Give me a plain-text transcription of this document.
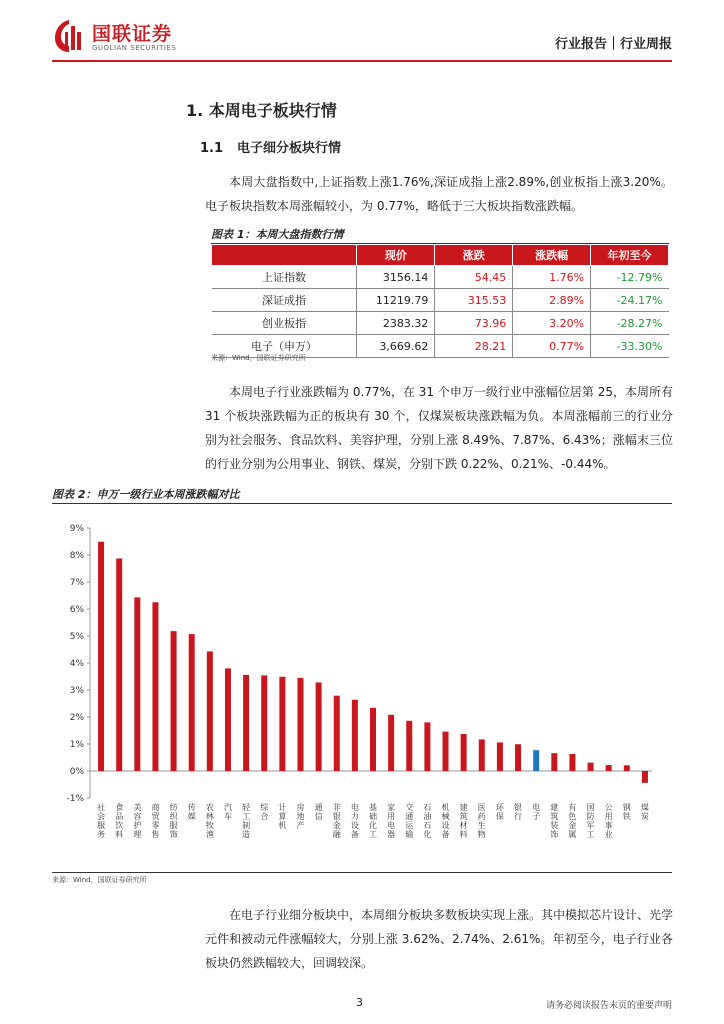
国联证券
GUOLIAN SECURITIES	行业报告｜行业周报
1. 本周电子板块行情
1.1 电子细分板块行情
本周大盘指数中,上证指数上涨1.76%,深证成指上涨2.89%,创业板指上涨3.20%。电子板块指数本周涨幅较小，为 0.77%，略低于三大板块指数涨跌幅。
图表 1：本周大盘指数行情
	现价	涨跌	涨跌幅	年初至今
上证指数	3156.14	54.45	1.76%	-12.79%
深证成指	11219.79	315.53	2.89%	-24.17%
创业板指	2383.32	73.96	3.20%	-28.27%
电子（申万）	3,669.62	28.21	0.77%	-33.30%
来源：Wind，国联证券研究所
本周电子行业涨跌幅为 0.77%，在 31 个申万一级行业中涨幅位居第 25，本周所有 31 个板块涨跌幅为正的板块有 30 个，仅煤炭板块涨跌幅为负。本周涨幅前三的行业分别为社会服务、食品饮料、美容护理，分别上涨 8.49%、7.87%、6.43%；涨幅末三位的行业分别为公用事业、钢铁、煤炭，分别下跌 0.22%、0.21%、-0.44%。
图表 2：申万一级行业本周涨跌幅对比
-1%
0%
1%
2%
3%
4%
5%
6%
7%
8%
9%
社会服务
食品饮料
美容护理
商贸零售
纺织服饰
传媒
农林牧渔
汽车
轻工制造
综合
计算机
房地产
通信
非银金融
电力设备
基础化工
家用电器
交通运输
石油石化
机械设备
建筑材料
医药生物
环保
银行
电子
建筑装饰
有色金属
国防军工
公用事业
钢铁
煤炭
来源：Wind，国联证券研究所
在电子行业细分板块中，本周细分板块多数板块实现上涨。其中模拟芯片设计、光学元件和被动元件涨幅较大，分别上涨 3.62%、2.74%、2.61%。年初至今，电子行业各板块仍然跌幅较大，回调较深。
3	请务必阅读报告末页的重要声明
